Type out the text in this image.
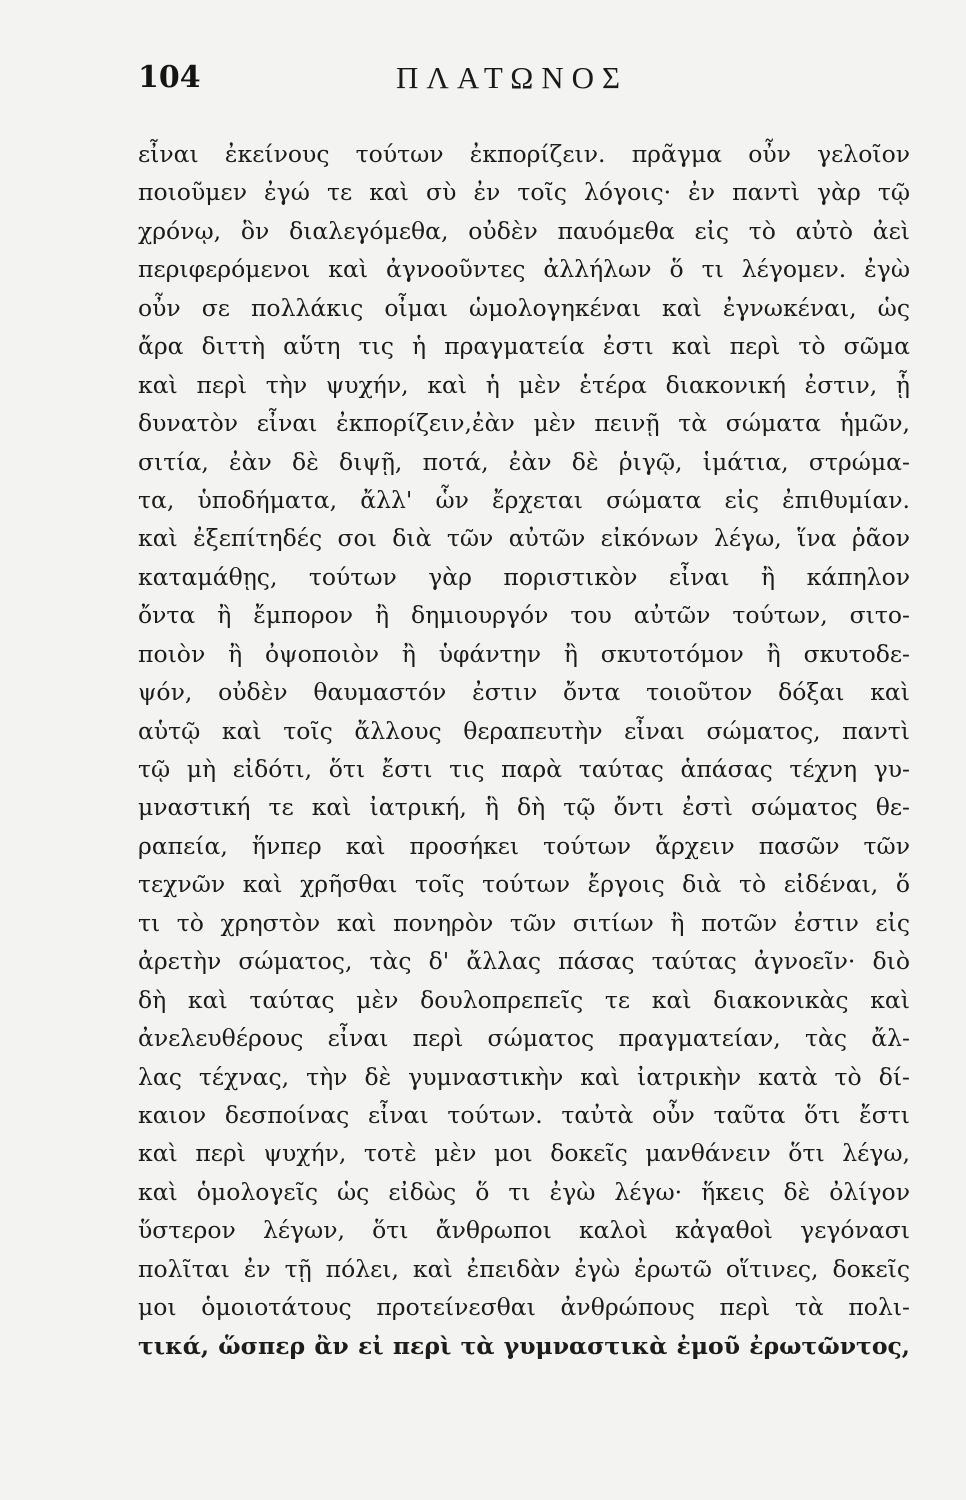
104	ΠΛΑΤΩΝΟΣ
εἶναι ἐκείνους τούτων ἐκπορίζειν. πρᾶγμα οὖν γελοῖον
ποιοῦμεν ἐγώ τε καὶ σὺ ἐν τοῖς λόγοις· ἐν παντὶ γὰρ τῷ
χρόνῳ, ὃν διαλεγόμεθα, οὐδὲν παυόμεθα εἰς τὸ αὐτὸ ἀεὶ
περιφερόμενοι καὶ ἀγνοοῦντες ἀλλήλων ὅ τι λέγομεν. ἐγὼ
οὖν σε πολλάκις οἶμαι ὡμολογηκέναι καὶ ἐγνωκέναι, ὡς
ἄρα διττὴ αὕτη τις ἡ πραγματεία ἐστι καὶ περὶ τὸ σῶμα
καὶ περὶ τὴν ψυχήν, καὶ ἡ μὲν ἑτέρα διακονική ἐστιν, ᾗ
δυνατὸν εἶναι ἐκπορίζειν,ἐὰν μὲν πεινῇ τὰ σώματα ἡμῶν,
σιτία, ἐὰν δὲ διψῇ, ποτά, ἐὰν δὲ ῥιγῷ, ἱμάτια, στρώμα-
τα, ὑποδήματα, ἄλλ' ὧν ἔρχεται σώματα εἰς ἐπιθυμίαν.
καὶ ἐξεπίτηδές σοι διὰ τῶν αὐτῶν εἰκόνων λέγω, ἵνα ῥᾶον
καταμάθῃς, τούτων γὰρ ποριστικὸν εἶναι ἢ κάπηλον
ὄντα ἢ ἔμπορον ἢ δημιουργόν του αὐτῶν τούτων, σιτο-
ποιὸν ἢ ὀψοποιὸν ἢ ὑφάντην ἢ σκυτοτόμον ἢ σκυτοδε-
ψόν, οὐδὲν θαυμαστόν ἐστιν ὄντα τοιοῦτον δόξαι καὶ
αὑτῷ καὶ τοῖς ἄλλους θεραπευτὴν εἶναι σώματος, παντὶ
τῷ μὴ εἰδότι, ὅτι ἔστι τις παρὰ ταύτας ἁπάσας τέχνη γυ-
μναστική τε καὶ ἰατρική, ἣ δὴ τῷ ὄντι ἐστὶ σώματος θε-
ραπεία, ἥνπερ καὶ προσήκει τούτων ἄρχειν πασῶν τῶν
τεχνῶν καὶ χρῆσθαι τοῖς τούτων ἔργοις διὰ τὸ εἰδέναι, ὅ
τι τὸ χρηστὸν καὶ πονηρὸν τῶν σιτίων ἢ ποτῶν ἐστιν εἰς
ἀρετὴν σώματος, τὰς δ' ἄλλας πάσας ταύτας ἀγνοεῖν· διὸ
δὴ καὶ ταύτας μὲν δουλοπρεπεῖς τε καὶ διακονικὰς καὶ
ἀνελευθέρους εἶναι περὶ σώματος πραγματείαν, τὰς ἄλ-
λας τέχνας, τὴν δὲ γυμναστικὴν καὶ ἰατρικὴν κατὰ τὸ δί-
καιον δεσποίνας εἶναι τούτων. ταὐτὰ οὖν ταῦτα ὅτι ἔστι
καὶ περὶ ψυχήν, τοτὲ μὲν μοι δοκεῖς μανθάνειν ὅτι λέγω,
καὶ ὁμολογεῖς ὡς εἰδὼς ὅ τι ἐγὼ λέγω· ἥκεις δὲ ὀλίγον
ὕστερον λέγων, ὅτι ἄνθρωποι καλοὶ κἀγαθοὶ γεγόνασι
πολῖται ἐν τῇ πόλει, καὶ ἐπειδὰν ἐγὼ ἐρωτῶ οἵτινες, δοκεῖς
μοι ὁμοιοτάτους προτείνεσθαι ἀνθρώπους περὶ τὰ πολι-
τικά, ὥσπερ ἂν εἰ περὶ τὰ γυμναστικὰ ἐμοῦ ἐρωτῶντος,
